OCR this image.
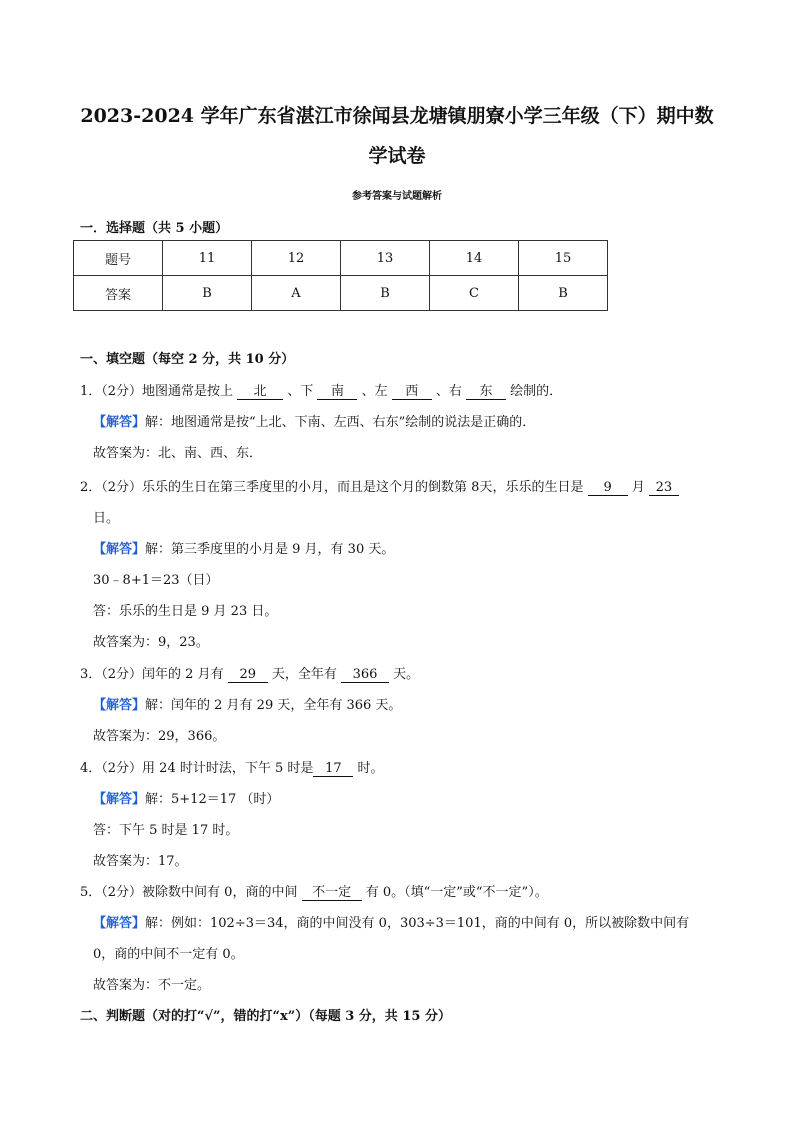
2023-2024 学年广东省湛江市徐闻县龙塘镇朋寮小学三年级（下）期中数
学试卷
参考答案与试题解析
一．选择题（共 5 小题）
题号	11	12	13	14	15
答案	B	A	B	C	B
一、填空题（每空 2 分，共 10 分）
1．（2分）地图通常是按上 北 、下 南 、左 西 、右 东 绘制的．
【解答】解：地图通常是按“上北、下南、左西、右东”绘制的说法是正确的．
故答案为：北、南、西、东．
2．（2分）乐乐的生日在第三季度里的小月，而且是这个月的倒数第 8天，乐乐的生日是 9 月 23
日。
【解答】解：第三季度里的小月是 9 月，有 30 天。
30﹣8+1＝23（日）
答：乐乐的生日是 9 月 23 日。
故答案为：9，23。
3．（2分）闰年的 2 月有 29 天，全年有 366 天。
【解答】解：闰年的 2 月有 29 天，全年有 366 天。
故答案为：29，366。
4．（2分）用 24 时计时法，下午 5 时是 17 时。
【解答】解：5+12＝17 （时）
答：下午 5 时是 17 时。
故答案为：17。
5．（2分）被除数中间有 0，商的中间 不一定 有 0。（填“一定”或“不一定”）。
【解答】解：例如：102÷3＝34，商的中间没有 0，303÷3＝101，商的中间有 0，所以被除数中间有
0，商的中间不一定有 0。
故答案为：不一定。
二、判断题（对的打“√”，错的打“x”）（每题 3 分，共 15 分）
